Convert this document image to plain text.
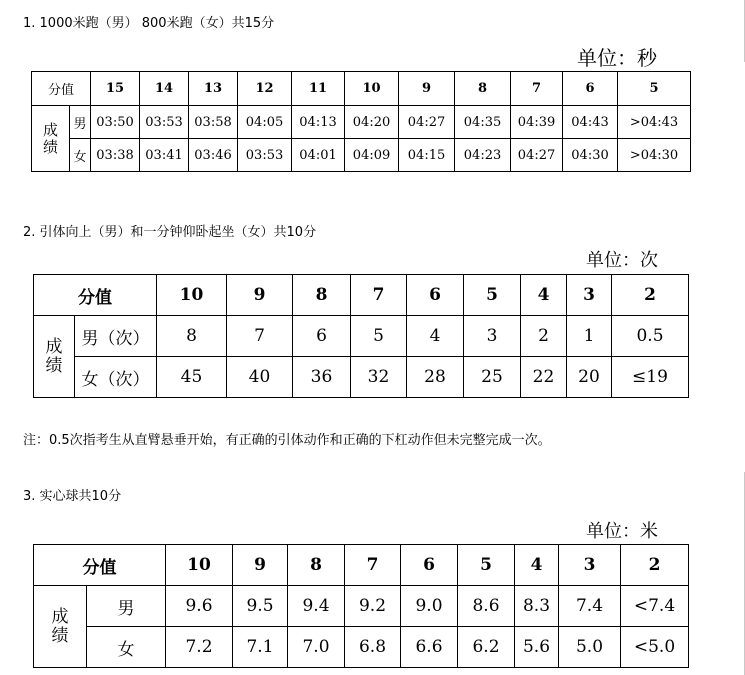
1. 1000米跑（男） 800米跑（女）共15分
单位：秒
分值		15	14	13	12	11	10	9	8	7	6	5

成绩	男	03:50	03:53	03:58	04:05	04:13	04:20	04:27	04:35	04:39	04:43	>04:43
	女	03:38	03:41	03:46	03:53	04:01	04:09	04:15	04:23	04:27	04:30	>04:30
2. 引体向上（男）和一分钟仰卧起坐（女）共10分
单位：次
分值		10	9	8	7	6	5	4	3	2

成绩	男（次）	8	7	6	5	4	3	2	1	0.5
	女（次）	45	40	36	32	28	25	22	20	≤19
注：0.5次指考生从直臂悬垂开始，有正确的引体动作和正确的下杠动作但未完整完成一次。
3. 实心球共10分
单位：米
分值		10	9	8	7	6	5	4	3	2

成绩	男	9.6	9.5	9.4	9.2	9.0	8.6	8.3	7.4	<7.4
	女	7.2	7.1	7.0	6.8	6.6	6.2	5.6	5.0	<5.0
